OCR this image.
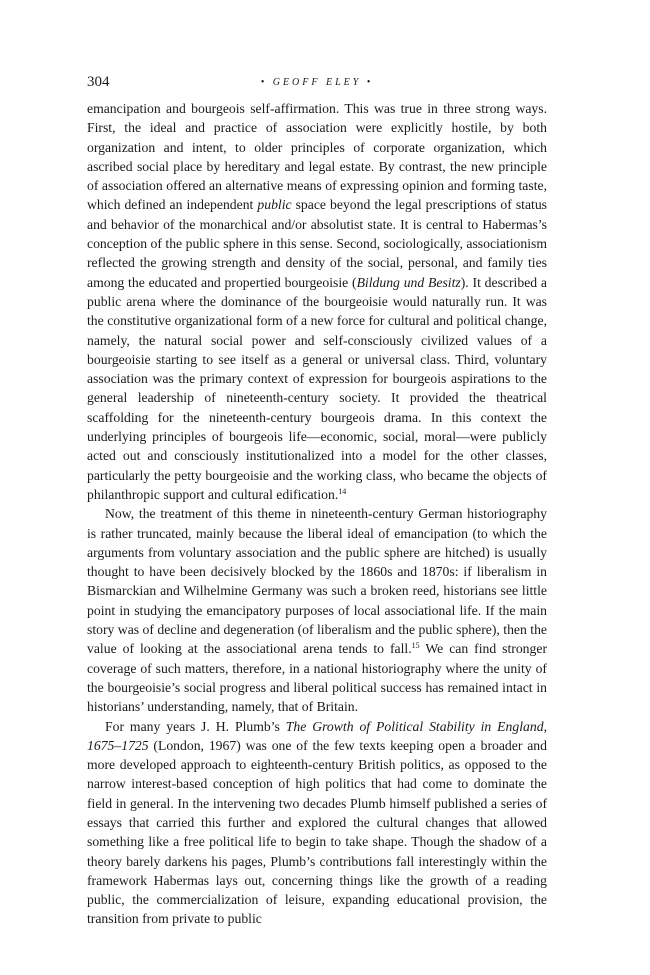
304	• GEOFF ELEY •

emancipation and bourgeois self-affirmation. This was true in three strong ways. First, the ideal and practice of association were explicitly hostile, by both organization and intent, to older principles of corporate organization, which ascribed social place by hereditary and legal estate. By contrast, the new principle of association offered an alternative means of expressing opinion and forming taste, which defined an independent public space beyond the legal prescriptions of status and behavior of the monarchical and/or absolutist state. It is central to Habermas’s conception of the public sphere in this sense. Second, sociologically, associationism reflected the growing strength and density of the social, personal, and family ties among the educated and propertied bourgeoisie (Bildung und Besitz). It described a public arena where the dominance of the bourgeoisie would naturally run. It was the constitutive organizational form of a new force for cultural and political change, namely, the natural social power and self-consciously civilized values of a bourgeoisie starting to see itself as a general or universal class. Third, voluntary association was the primary context of expression for bourgeois aspirations to the general leadership of nineteenth-century society. It provided the theatrical scaffolding for the nineteenth-century bourgeois drama. In this context the underlying principles of bourgeois life—economic, social, moral—were publicly acted out and consciously institutionalized into a model for the other classes, particularly the petty bourgeoisie and the working class, who became the objects of philanthropic support and cultural edification.$^{14}$

Now, the treatment of this theme in nineteenth-century German historiography is rather truncated, mainly because the liberal ideal of emancipation (to which the arguments from voluntary association and the public sphere are hitched) is usually thought to have been decisively blocked by the 1860s and 1870s: if liberalism in Bismarckian and Wilhelmine Germany was such a broken reed, historians see little point in studying the emancipatory purposes of local associational life. If the main story was of decline and degeneration (of liberalism and the public sphere), then the value of looking at the associational arena tends to fall.$^{15}$ We can find stronger coverage of such matters, therefore, in a national historiography where the unity of the bourgeoisie’s social progress and liberal political success has remained intact in historians’ understanding, namely, that of Britain.

For many years J. H. Plumb’s The Growth of Political Stability in England, 1675–1725 (London, 1967) was one of the few texts keeping open a broader and more developed approach to eighteenth-century British politics, as opposed to the narrow interest-based conception of high politics that had come to dominate the field in general. In the intervening two decades Plumb himself published a series of essays that carried this further and explored the cultural changes that allowed something like a free political life to begin to take shape. Though the shadow of a theory barely darkens his pages, Plumb’s contributions fall interestingly within the framework Habermas lays out, concerning things like the growth of a reading public, the commercialization of leisure, expanding educational provision, the transition from private to public
